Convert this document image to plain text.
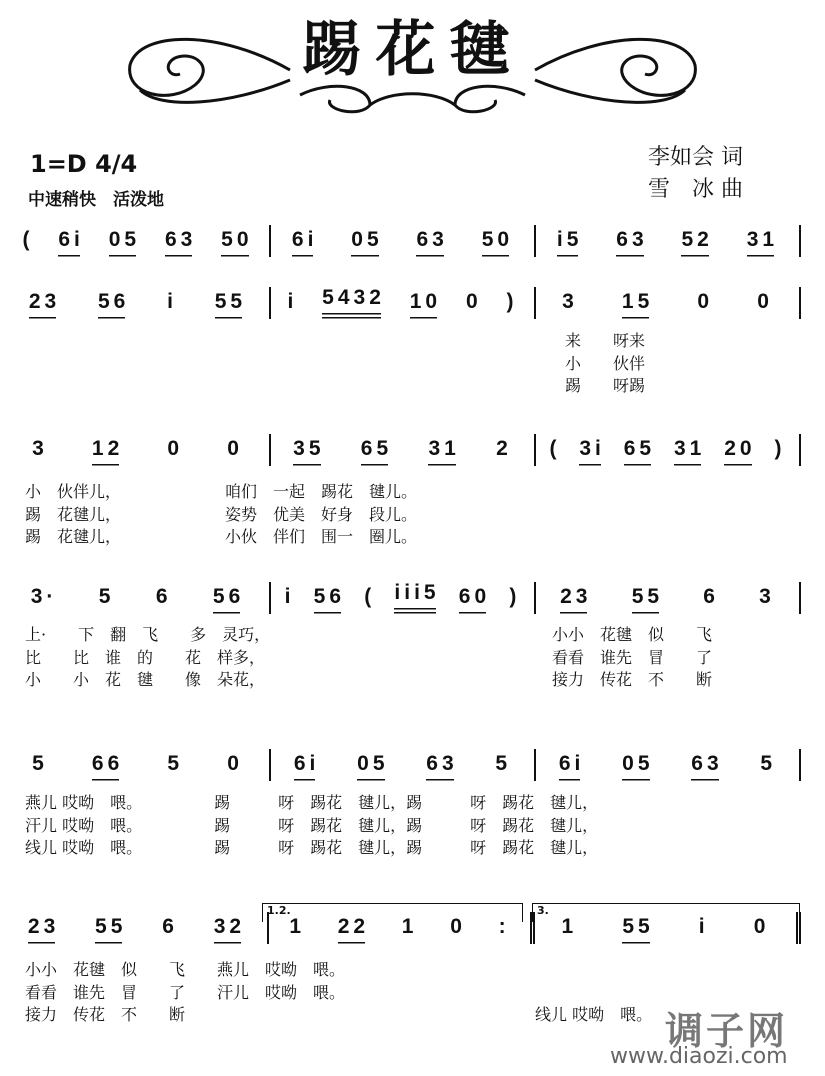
踢花毽
1=D 4/4
中速稍快　活泼地
李如会 词
雪　冰 曲
( 6i 05 63 50 6i 05 63 50 i5 63 52 31
23 56 i 55 i 5432 10 0 ) 3 15 0 0
3 12 0 0 35 65 31 2 ( 3i 65 31 20 )
3· 5 6 56 i 56 ( iii5 60 ) 23 55 6 3
5 66 5 0 6i 05 63 5 6i 05 63 5
23 55 6 32 1 22 1 0 : 1 55 i 0
1.2.	3.
来　　呀来
小　　伙伴
踢　　呀踢
小　伙伴儿，　　　　　　　咱们　一起　踢花　毽儿。
踢　花毽儿，　　　　　　　姿势　优美　好身　段儿。
踢　花毽儿，　　　　　　　小伙　伴们　围一　圈儿。
上·　　下　翻　飞　　多　灵巧，
比　　比　谁　的　　花　样多，
小　　小　花　毽　　像　朵花，
小小　花毽　似　　飞
看看　谁先　冒　　了
接力　传花　不　　断
燕儿 哎呦　喂。　　　　　踢　　　呀　踢花　毽儿，踢　　　呀　踢花　毽儿，
汗儿 哎呦　喂。　　　　　踢　　　呀　踢花　毽儿，踢　　　呀　踢花　毽儿，
线儿 哎呦　喂。　　　　　踢　　　呀　踢花　毽儿，踢　　　呀　踢花　毽儿，
小小　花毽　似　　飞　　燕儿　哎呦　喂。
看看　谁先　冒　　了　　汗儿　哎呦　喂。
接力　传花　不　　断	线儿 哎呦　喂。 调子网
www.diaozi.com
